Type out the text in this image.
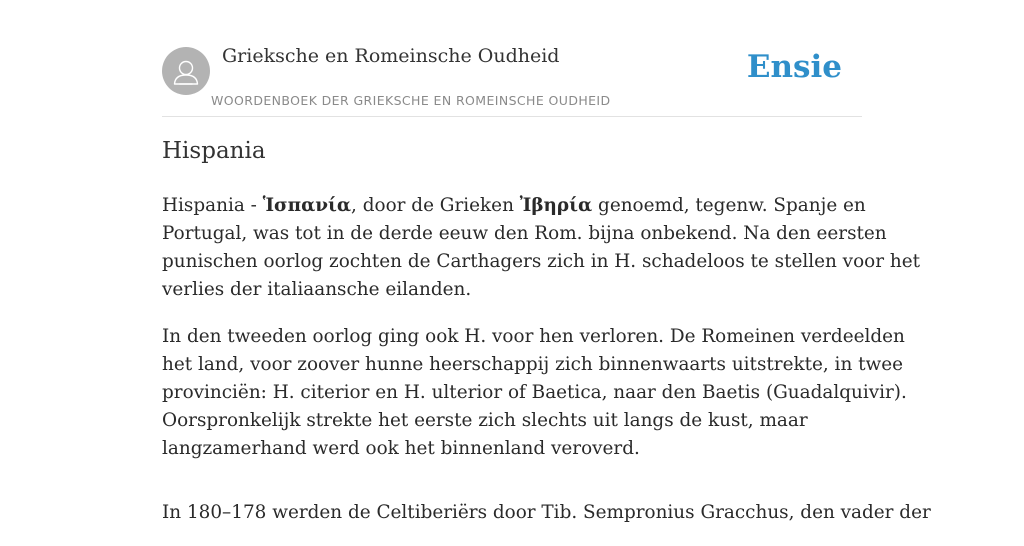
Grieksche en Romeinsche Oudheid
WOORDENBOEK DER GRIEKSCHE EN ROMEINSCHE OUDHEID
Ensie
Hispania

Hispania - Ἱσπανία, door de Grieken Ἰβηρία genoemd, tegenw. Spanje en
Portugal, was tot in de derde eeuw den Rom. bijna onbekend. Na den eersten
punischen oorlog zochten de Carthagers zich in H. schadeloos te stellen voor het
verlies der italiaansche eilanden.

In den tweeden oorlog ging ook H. voor hen verloren. De Romeinen verdeelden
het land, voor zoover hunne heerschappij zich binnenwaarts uitstrekte, in twee
provinciën: H. citerior en H. ulterior of Baetica, naar den Baetis (Guadalquivir).
Oorspronkelijk strekte het eerste zich slechts uit langs de kust, maar
langzamerhand werd ook het binnenland veroverd.

In 180–178 werden de Celtiberiërs door Tib. Sempronius Gracchus, den vader der
